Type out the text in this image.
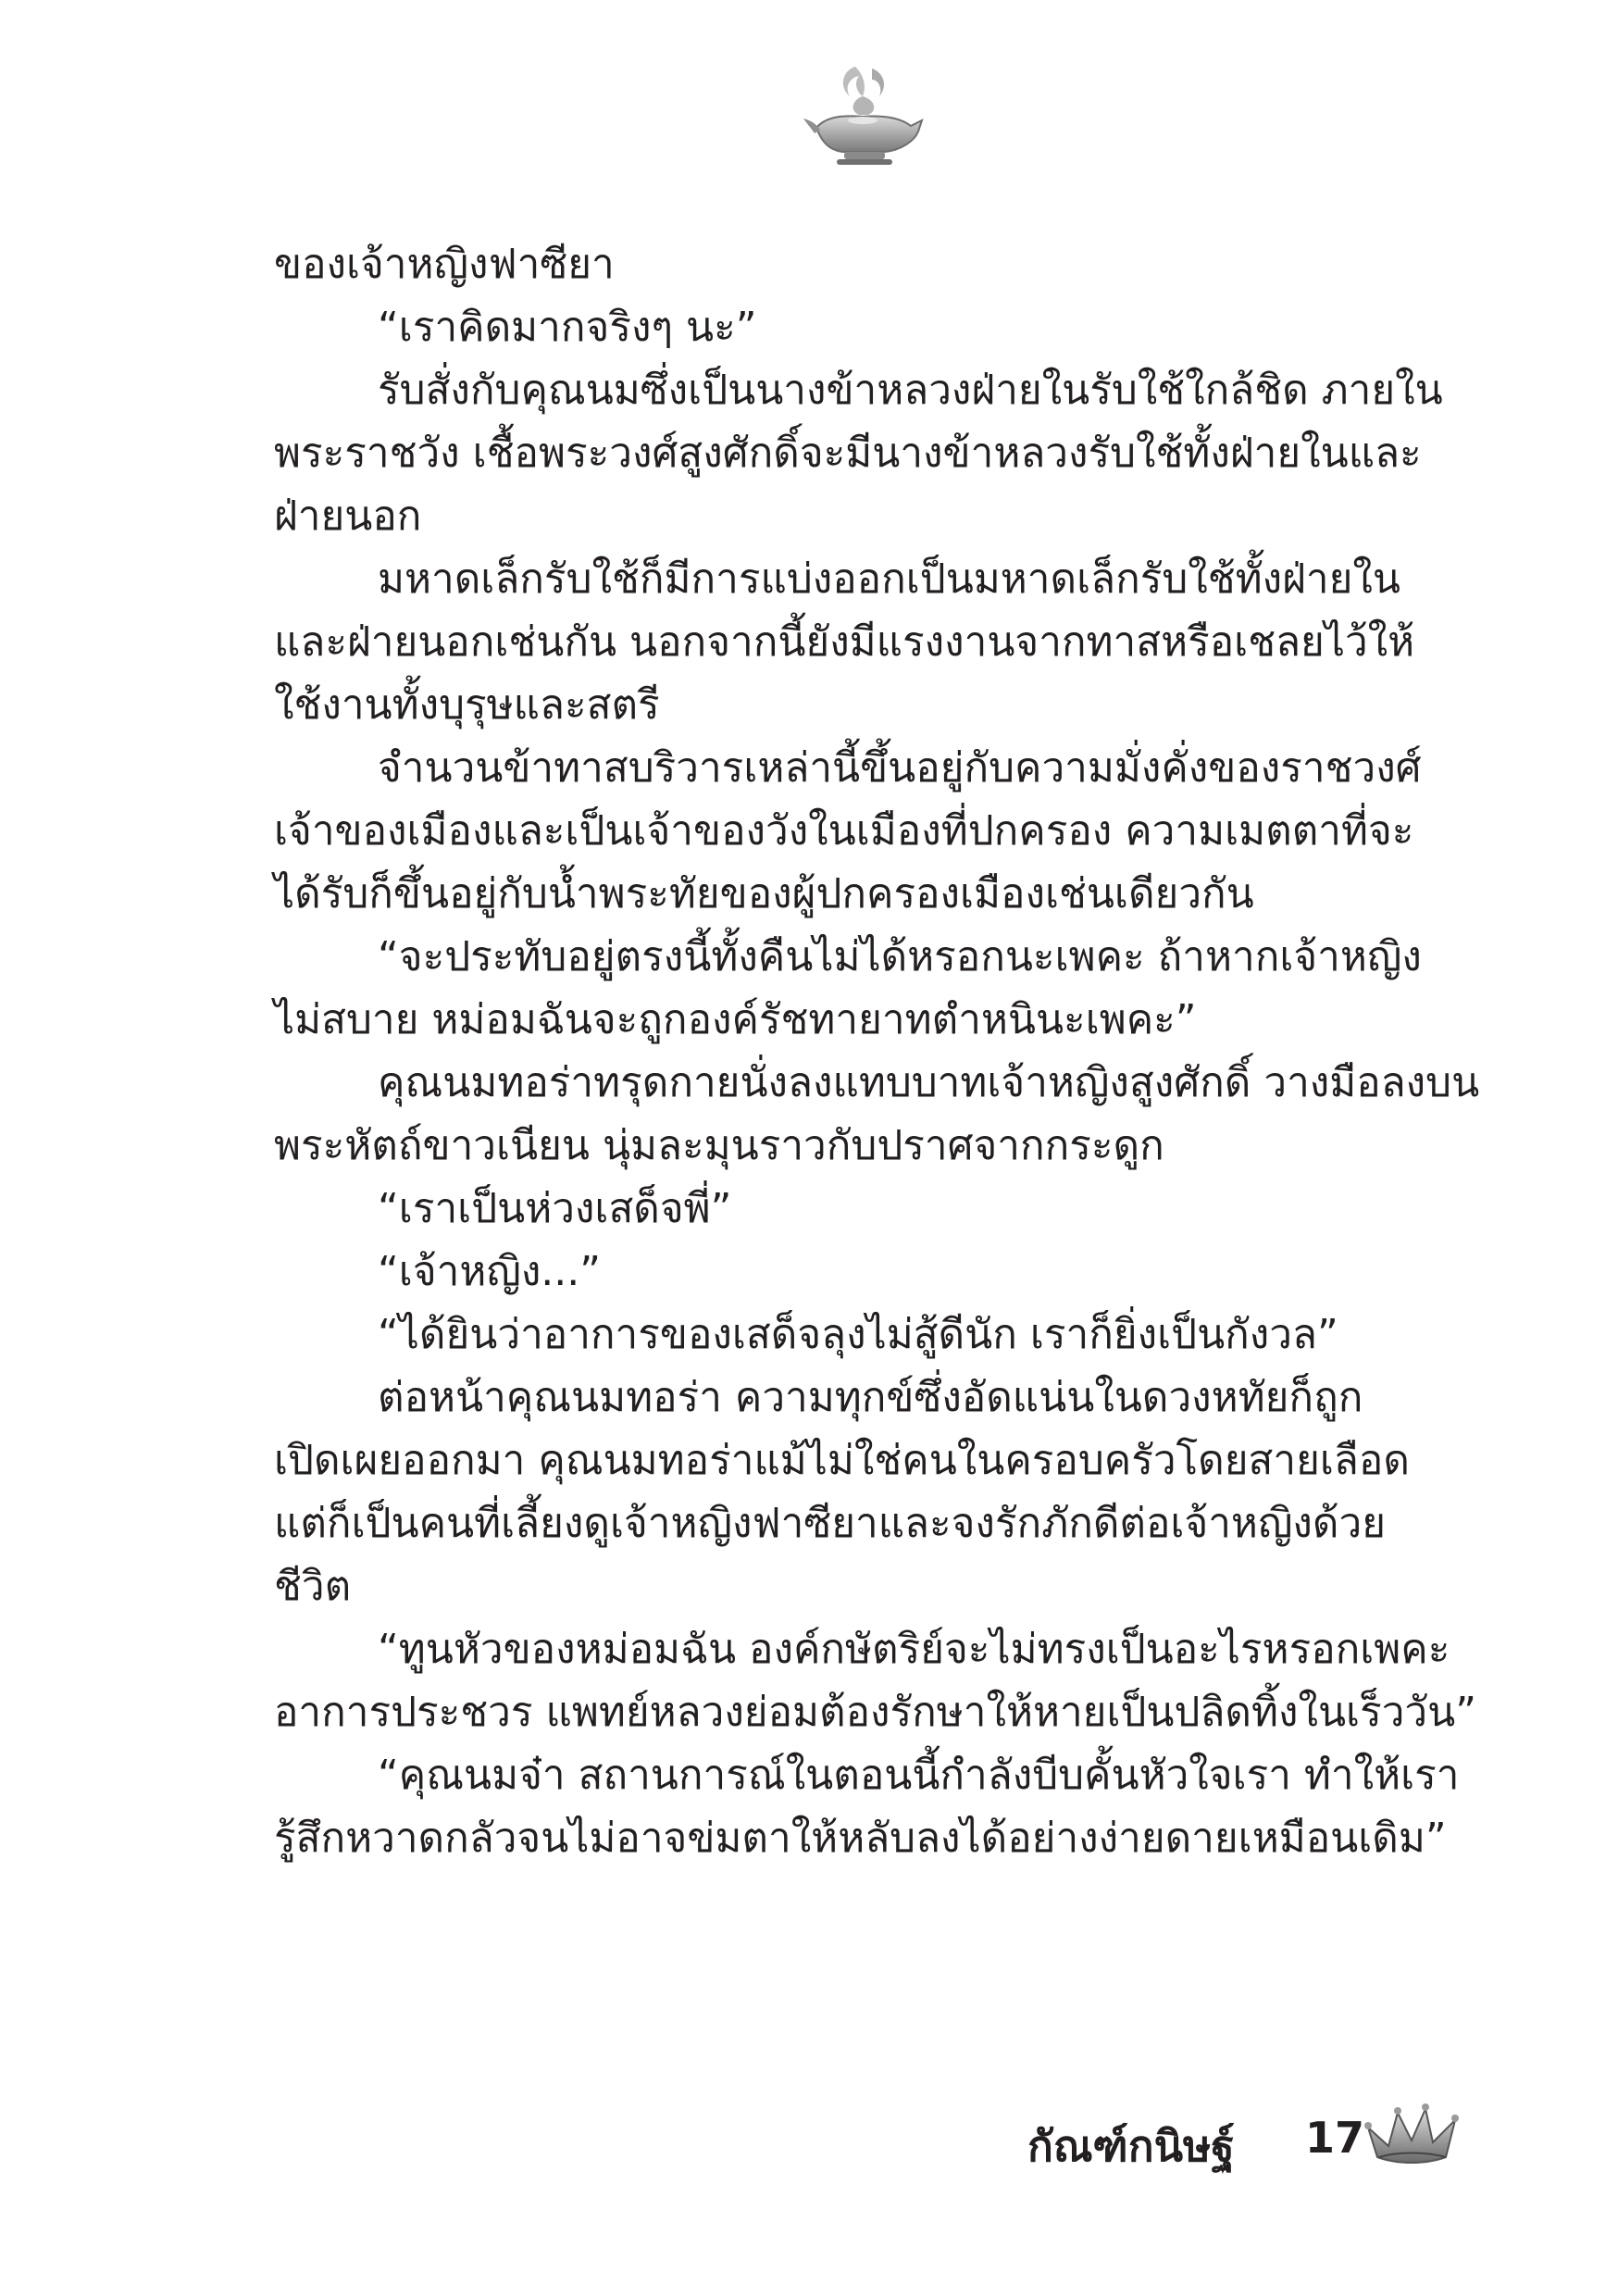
ของเจ้าหญิงฟาซียา
“เราคิดมากจริงๆ นะ”
รับสั่งกับคุณนมซึ่งเป็นนางข้าหลวงฝ่ายในรับใช้ใกล้ชิด ภายใน
พระราชวัง เชื้อพระวงศ์สูงศักดิ์จะมีนางข้าหลวงรับใช้ทั้งฝ่ายในและ
ฝ่ายนอก
มหาดเล็กรับใช้ก็มีการแบ่งออกเป็นมหาดเล็กรับใช้ทั้งฝ่ายใน
และฝ่ายนอกเช่นกัน นอกจากนี้ยังมีแรงงานจากทาสหรือเชลยไว้ให้
ใช้งานทั้งบุรุษและสตรี
จำนวนข้าทาสบริวารเหล่านี้ขึ้นอยู่กับความมั่งคั่งของราชวงศ์
เจ้าของเมืองและเป็นเจ้าของวังในเมืองที่ปกครอง ความเมตตาที่จะ
ได้รับก็ขึ้นอยู่กับน้ำพระทัยของผู้ปกครองเมืองเช่นเดียวกัน
“จะประทับอยู่ตรงนี้ทั้งคืนไม่ได้หรอกนะเพคะ ถ้าหากเจ้าหญิง
ไม่สบาย หม่อมฉันจะถูกองค์รัชทายาทตำหนินะเพคะ”
คุณนมทอร่าทรุดกายนั่งลงแทบบาทเจ้าหญิงสูงศักดิ์ วางมือลงบน
พระหัตถ์ขาวเนียน นุ่มละมุนราวกับปราศจากกระดูก
“เราเป็นห่วงเสด็จพี่”
“เจ้าหญิง...”
“ได้ยินว่าอาการของเสด็จลุงไม่สู้ดีนัก เราก็ยิ่งเป็นกังวล”
ต่อหน้าคุณนมทอร่า ความทุกข์ซึ่งอัดแน่นในดวงหทัยก็ถูก
เปิดเผยออกมา คุณนมทอร่าแม้ไม่ใช่คนในครอบครัวโดยสายเลือด
แต่ก็เป็นคนที่เลี้ยงดูเจ้าหญิงฟาซียาและจงรักภักดีต่อเจ้าหญิงด้วย
ชีวิต
“ทูนหัวของหม่อมฉัน องค์กษัตริย์จะไม่ทรงเป็นอะไรหรอกเพคะ
อาการประชวร แพทย์หลวงย่อมต้องรักษาให้หายเป็นปลิดทิ้งในเร็ววัน”
“คุณนมจ๋า สถานการณ์ในตอนนี้กำลังบีบคั้นหัวใจเรา ทำให้เรา
รู้สึกหวาดกลัวจนไม่อาจข่มตาให้หลับลงได้อย่างง่ายดายเหมือนเดิม”
กัณฑ์กนิษฐ์ 17
